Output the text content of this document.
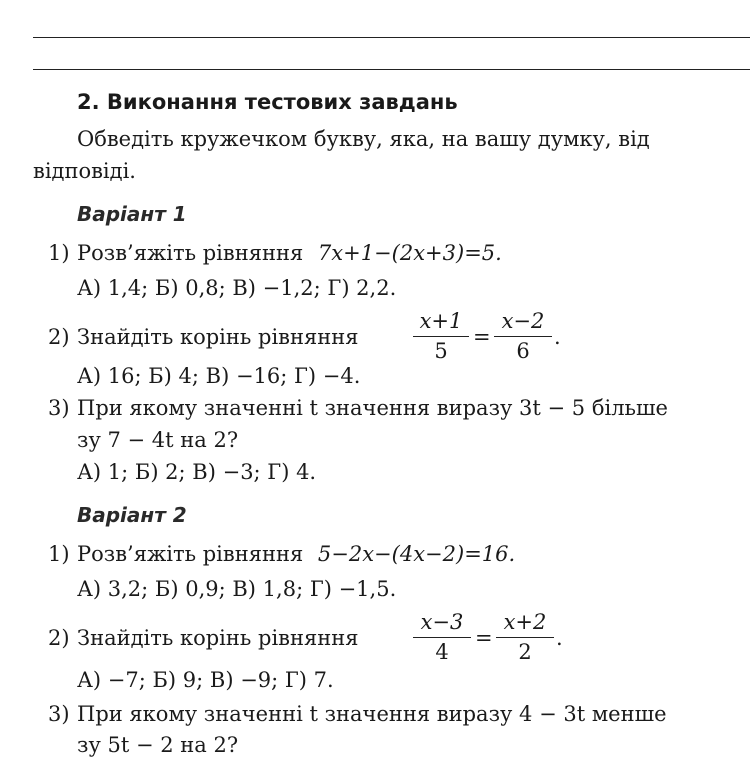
2. Виконання тестових завдань
Обведіть кружечком букву, яка, на вашу думку, від
відповіді.
Варіант 1
1) Розв’яжіть рівняння 7x+1−(2x+3)=5.
А) 1,4; Б) 0,8; В) −1,2; Г) 2,2.
2) Знайдіть корінь рівняння
x+1
5
=
x−2
6
.
А) 16; Б) 4; В) −16; Г) −4.
3) При якому значенні t значення виразу 3t − 5 більше
зу 7 − 4t на 2?
А) 1; Б) 2; В) −3; Г) 4.
Варіант 2
1) Розв’яжіть рівняння 5−2x−(4x−2)=16.
А) 3,2; Б) 0,9; В) 1,8; Г) −1,5.
2) Знайдіть корінь рівняння
x−3
4
=
x+2
2
.
А) −7; Б) 9; В) −9; Г) 7.
3) При якому значенні t значення виразу 4 − 3t менше
зу 5t − 2 на 2?
